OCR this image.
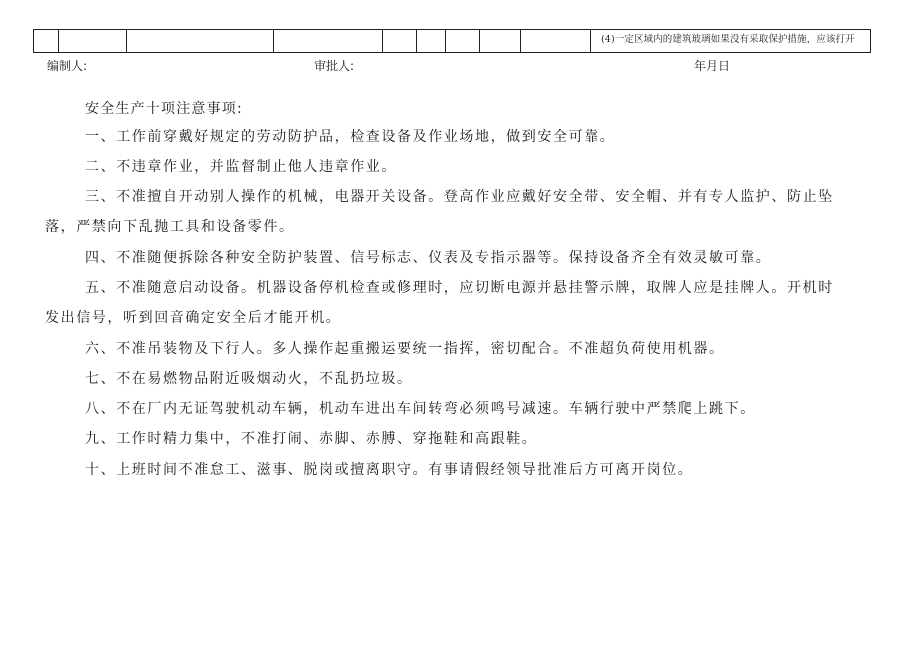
(4)一定区域内的建筑玻璃如果没有采取保护措施，应该打开
编制人:	审批人:	年月日
安全生产十项注意事项:
一、工作前穿戴好规定的劳动防护品，检查设备及作业场地，做到安全可靠。
二、不违章作业，并监督制止他人违章作业。
三、不准擅自开动别人操作的机械，电器开关设备。登高作业应戴好安全带、安全帽、并有专人监护、防止坠
落，严禁向下乱抛工具和设备零件。
四、不准随便拆除各种安全防护装置、信号标志、仪表及专指示器等。保持设备齐全有效灵敏可靠。
五、不准随意启动设备。机器设备停机检查或修理时，应切断电源并悬挂警示牌，取牌人应是挂牌人。开机时
发出信号，听到回音确定安全后才能开机。
六、不准吊装物及下行人。多人操作起重搬运要统一指挥，密切配合。不准超负荷使用机器。
七、不在易燃物品附近吸烟动火，不乱扔垃圾。
八、不在厂内无证驾驶机动车辆，机动车进出车间转弯必须鸣号减速。车辆行驶中严禁爬上跳下。
九、工作时精力集中，不准打闹、赤脚、赤膊、穿拖鞋和高跟鞋。
十、上班时间不准怠工、滋事、脱岗或擅离职守。有事请假经领导批准后方可离开岗位。
